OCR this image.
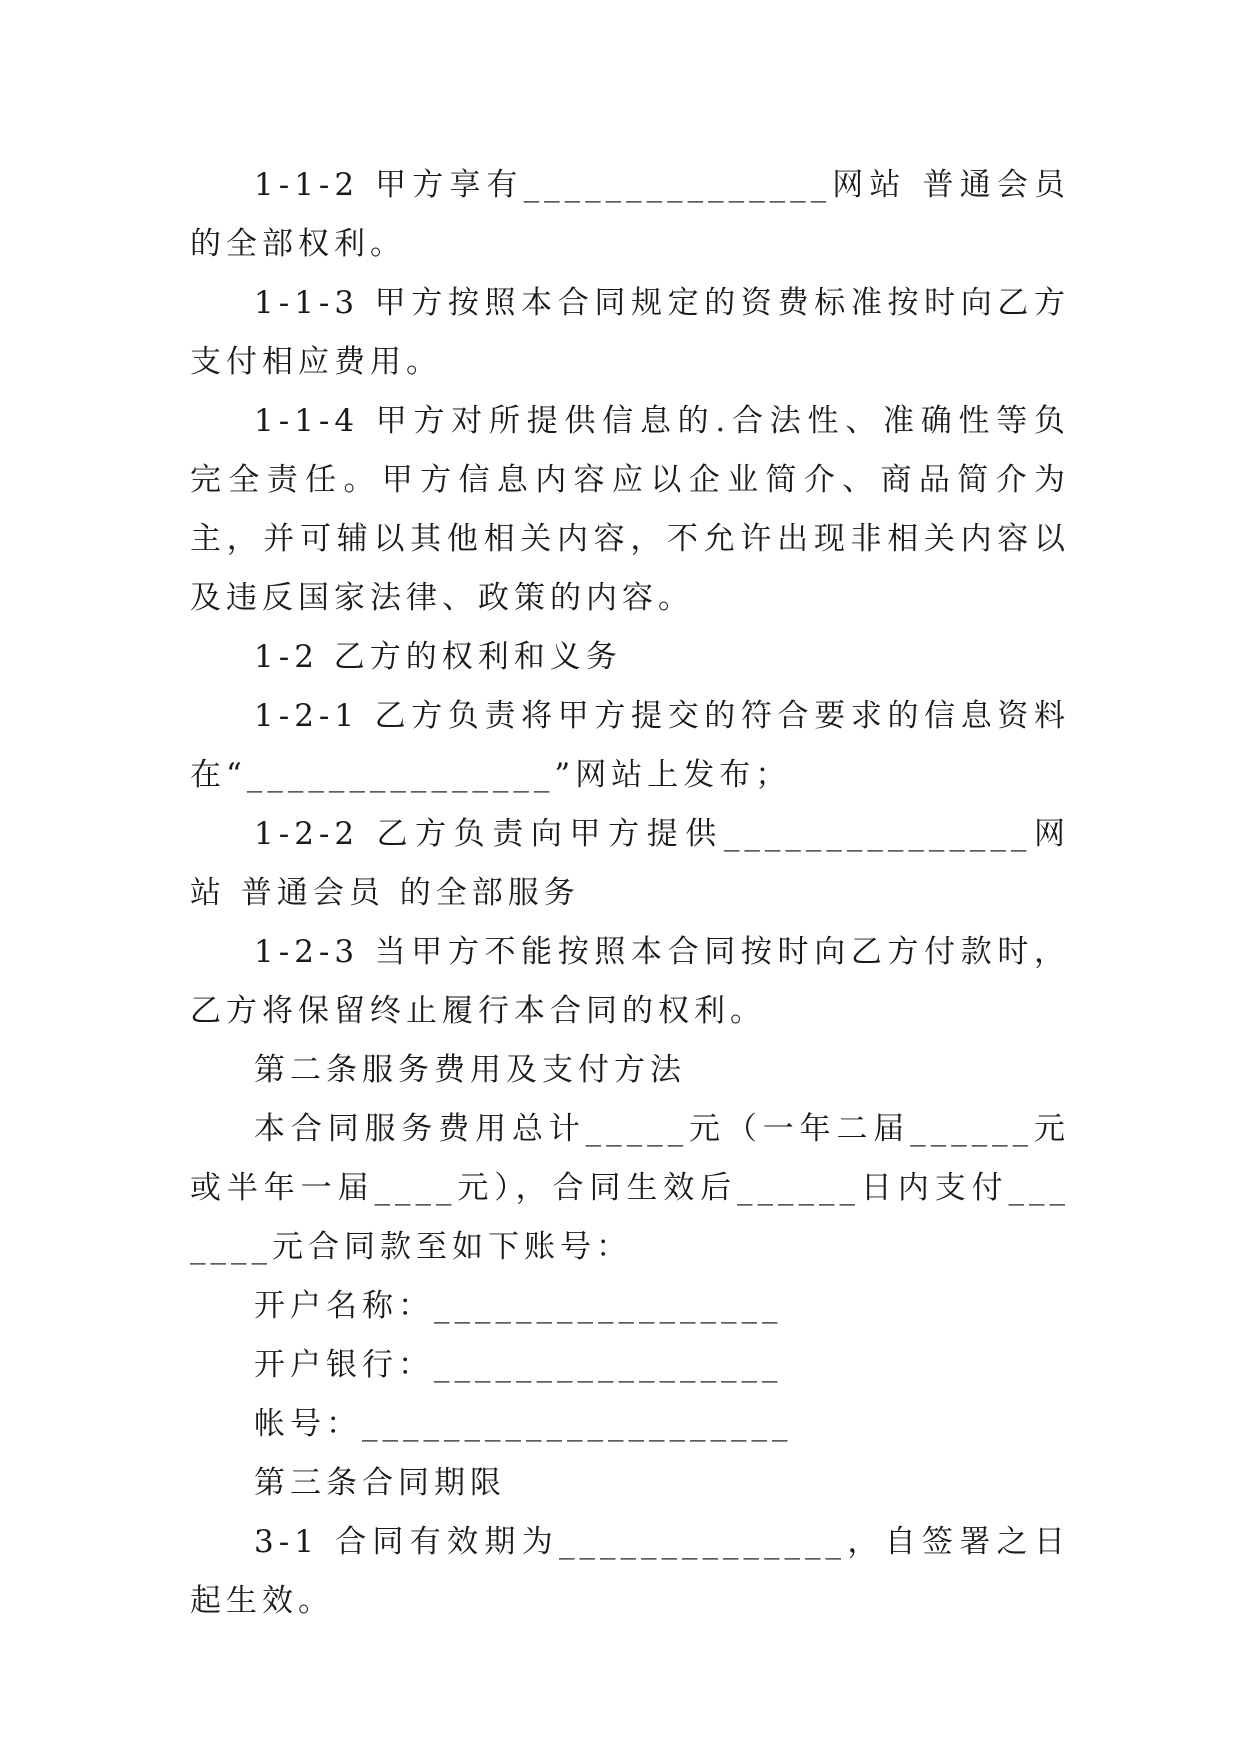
1-1-2 甲方享有_______________网站 普通会员 的全部权利。

1-1-3 甲方按照本合同规定的资费标准按时向乙方支付相应费用。

1-1-4 甲方对所提供信息的.合法性、准确性等负完全责任。甲方信息内容应以企业简介、商品简介为主，并可辅以其他相关内容，不允许出现非相关内容以及违反国家法律、政策的内容。

1-2 乙方的权利和义务

1-2-1 乙方负责将甲方提交的符合要求的信息资料在“_______________”网站上发布；

1-2-2 乙方负责向甲方提供_______________网站 普通会员 的全部服务

1-2-3 当甲方不能按照本合同按时向乙方付款时，乙方将保留终止履行本合同的权利。

第二条服务费用及支付方法

本合同服务费用总计_____元（一年二届______元或半年一届____元），合同生效后______日内支付_______元合同款至如下账号：

开户名称：_________________

开户银行：_________________

帐号：_____________________

第三条合同期限

3-1 合同有效期为______________，自签署之日起生效。
